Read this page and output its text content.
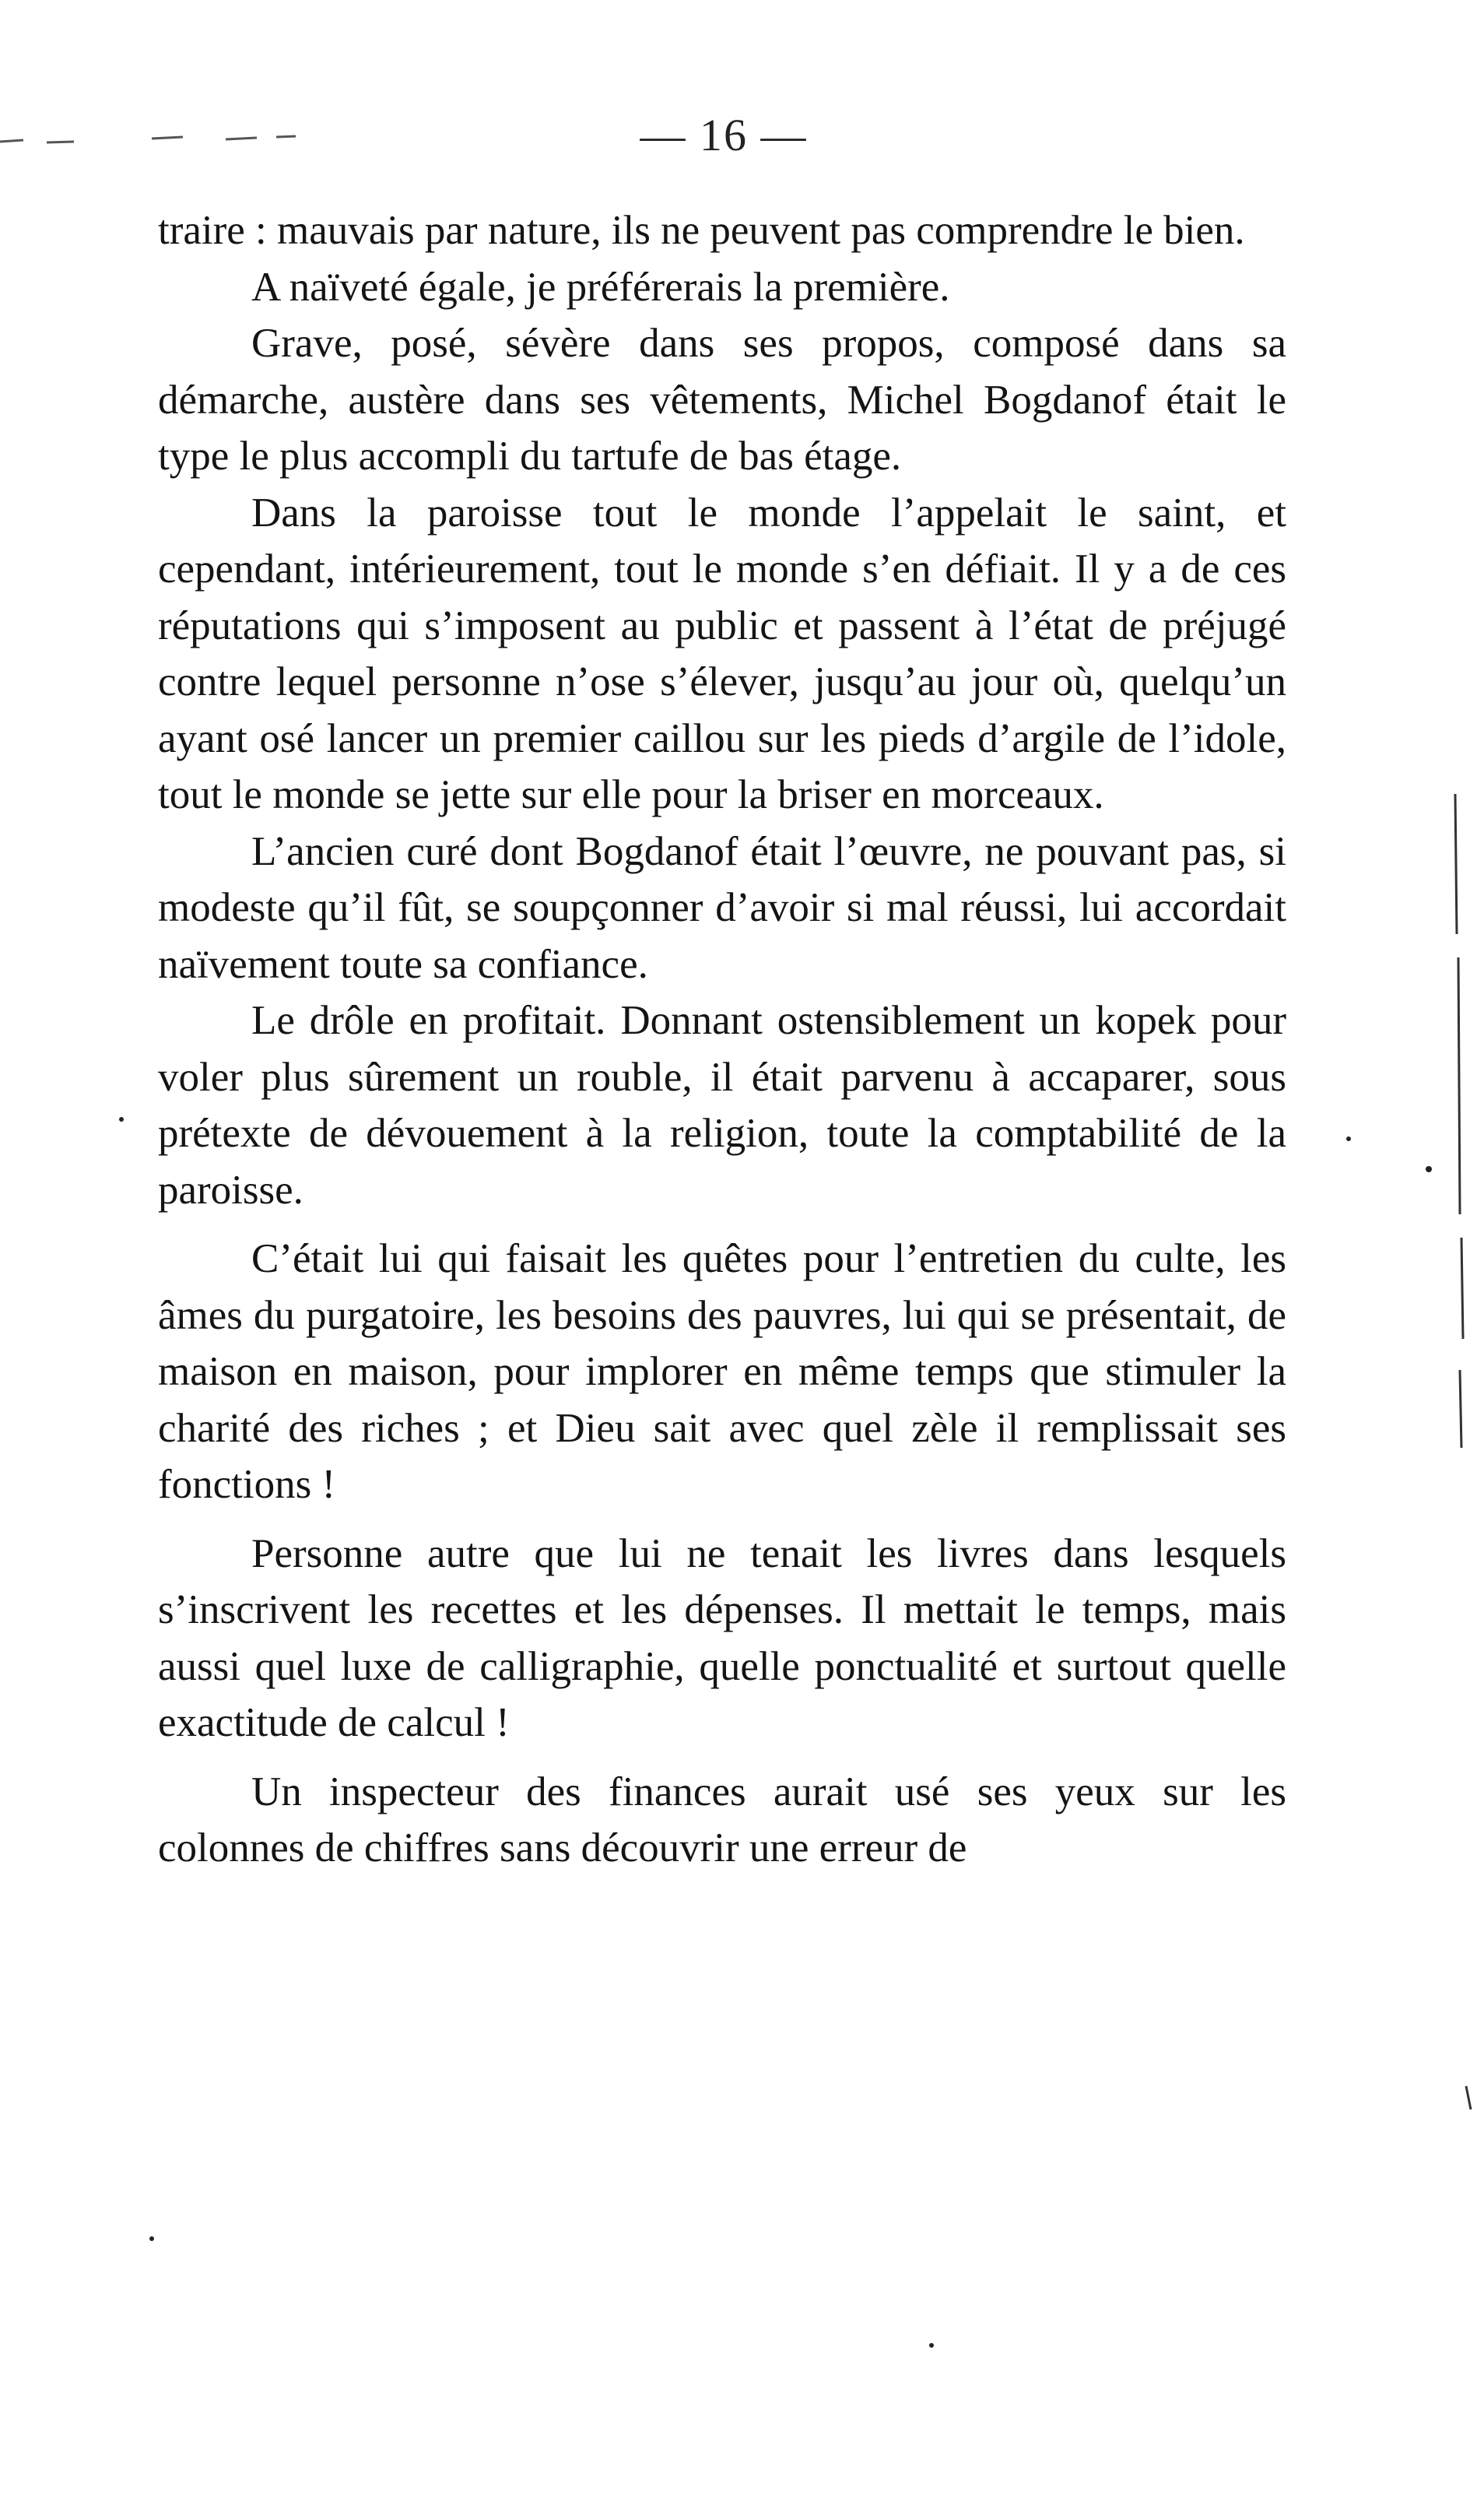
— 16 —

traire : mauvais par nature, ils ne peuvent pas comprendre le bien.

A naïveté égale, je préférerais la première.

Grave, posé, sévère dans ses propos, composé dans sa démarche, austère dans ses vêtements, Michel Bogdanof était le type le plus accompli du tartufe de bas étage.

Dans la paroisse tout le monde l’appelait le saint, et cependant, intérieurement, tout le monde s’en défiait. Il y a de ces réputations qui s’imposent au public et passent à l’état de préjugé contre lequel personne n’ose s’élever, jusqu’au jour où, quelqu’un ayant osé lancer un premier caillou sur les pieds d’argile de l’idole, tout le monde se jette sur elle pour la briser en morceaux.

L’ancien curé dont Bogdanof était l’œuvre, ne pouvant pas, si modeste qu’il fût, se soupçonner d’avoir si mal réussi, lui accordait naïvement toute sa confiance.

Le drôle en profitait. Donnant ostensiblement un kopek pour voler plus sûrement un rouble, il était parvenu à accaparer, sous prétexte de dévouement à la religion, toute la comptabilité de la paroisse.

C’était lui qui faisait les quêtes pour l’entretien du culte, les âmes du purgatoire, les besoins des pauvres, lui qui se présentait, de maison en maison, pour implorer en même temps que stimuler la charité des riches ; et Dieu sait avec quel zèle il remplissait ses fonctions !

Personne autre que lui ne tenait les livres dans lesquels s’inscrivent les recettes et les dépenses. Il mettait le temps, mais aussi quel luxe de calligraphie, quelle ponctualité et surtout quelle exactitude de calcul !

Un inspecteur des finances aurait usé ses yeux sur les colonnes de chiffres sans découvrir une erreur de
